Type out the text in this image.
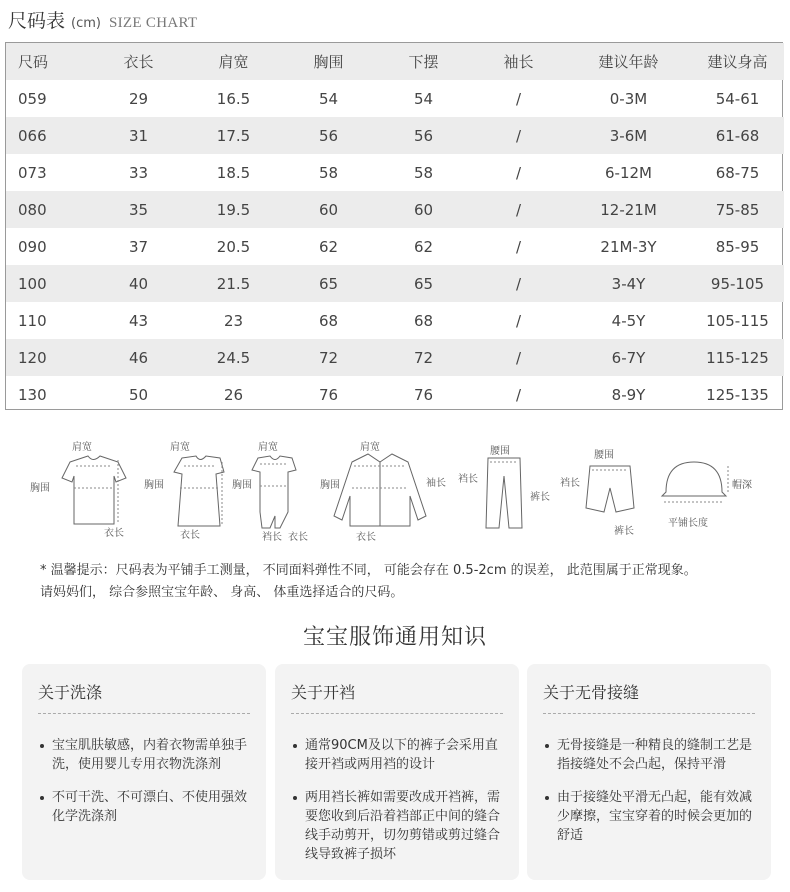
尺码表 (cm) SIZE CHART
尺码	衣长	肩宽	胸围	下摆	袖长	建议年龄	建议身高
059	29	16.5	54	54	/	0-3M	54-61
066	31	17.5	56	56	/	3-6M	61-68
073	33	18.5	58	58	/	6-12M	68-75
080	35	19.5	60	60	/	12-21M	75-85
090	37	20.5	62	62	/	21M-3Y	85-95
100	40	21.5	65	65	/	3-4Y	95-105
110	43	23	68	68	/	4-5Y	105-115
120	46	24.5	72	72	/	6-7Y	115-125
130	50	26	76	76	/	8-9Y	125-135
肩宽
胸围
衣长
肩宽
胸围
衣长
肩宽
胸围
裆长 衣长
肩宽
胸围	袖长
衣长
腰围
裆长
裤长
腰围
裆长
裤长
帽深
平铺长度
* 温馨提示：尺码表为平铺手工测量， 不同面料弹性不同， 可能会存在 0.5-2cm 的误差， 此范围属于正常现象。
请妈妈们， 综合参照宝宝年龄、 身高、 体重选择适合的尺码。
宝宝服饰通用知识
关于洗涤
宝宝肌肤敏感，内着衣物需单独手洗，使用婴儿专用衣物洗涤剂
不可干洗、不可漂白、不使用强效化学洗涤剂
关于开裆
通常90CM及以下的裤子会采用直接开裆或两用裆的设计
两用裆长裤如需要改成开裆裤，需要您收到后沿着裆部正中间的缝合线手动剪开，切勿剪错或剪过缝合线导致裤子损坏
关于无骨接缝
无骨接缝是一种精良的缝制工艺是指接缝处不会凸起，保持平滑
由于接缝处平滑无凸起，能有效减少摩擦，宝宝穿着的时候会更加的舒适
